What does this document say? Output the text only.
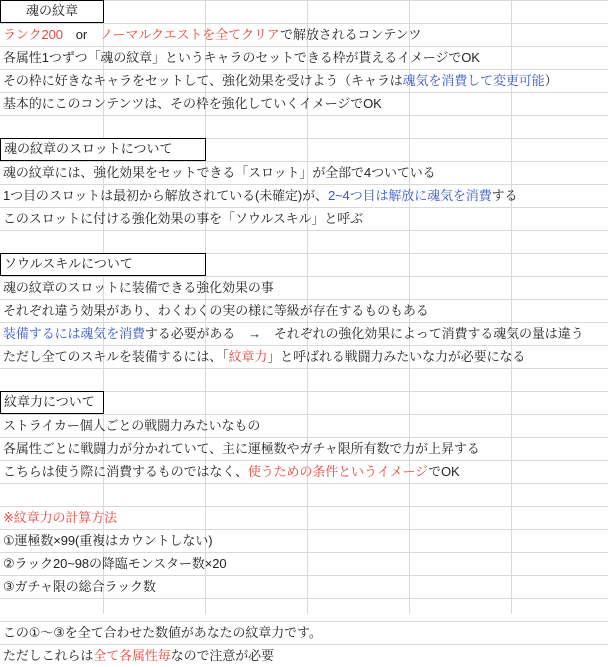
魂の紋章
ランク200　or　ノーマルクエストを全てクリアで解放されるコンテンツ
各属性1つずつ「魂の紋章」というキャラのセットできる枠が貰えるイメージでOK
その枠に好きなキャラをセットして、強化効果を受けよう（キャラは魂気を消費して変更可能）
基本的にこのコンテンツは、その枠を強化していくイメージでOK
魂の紋章のスロットについて
魂の紋章には、強化効果をセットできる「スロット」が全部で4ついている
1つ目のスロットは最初から解放されている(未確定)が、2~4つ目は解放に魂気を消費する
このスロットに付ける強化効果の事を「ソウルスキル」と呼ぶ
ソウルスキルについて
魂の紋章のスロットに装備できる強化効果の事
それぞれ違う効果があり、わくわくの実の様に等級が存在するものもある
装備するには魂気を消費する必要がある　→　それぞれの強化効果によって消費する魂気の量は違う
ただし全てのスキルを装備するには、「紋章力」と呼ばれる戦闘力みたいな力が必要になる
紋章力について
ストライカー個人ごとの戦闘力みたいなもの
各属性ごとに戦闘力が分かれていて、主に運極数やガチャ限所有数で力が上昇する
こちらは使う際に消費するものではなく、使うための条件というイメージでOK
※紋章力の計算方法
①運極数×99(重複はカウントしない)
②ラック20~98の降臨モンスター数×20
③ガチャ限の総合ラック数
この①～③を全て合わせた数値があなたの紋章力です。
ただしこれらは全て各属性毎なので注意が必要
